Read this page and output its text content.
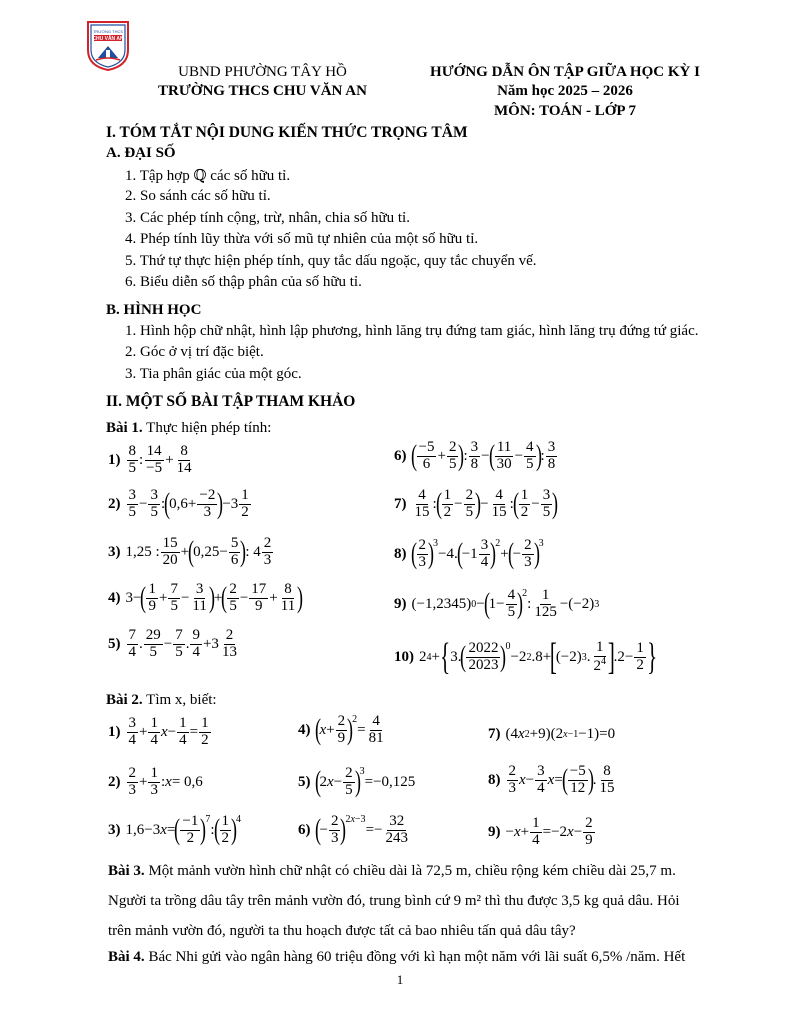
TRƯỜNG THCS
CHU VĂN AN
UBND PHƯỜNG TÂY HỒ
TRƯỜNG THCS CHU VĂN AN
HƯỚNG DẪN ÔN TẬP GIỮA HỌC KỲ I
Năm học 2025 – 2026
MÔN: TOÁN - LỚP 7
I. TÓM TẮT NỘI DUNG KIẾN THỨC TRỌNG TÂM
A. ĐẠI SỐ
1. Tập hợp ℚ các số hữu tỉ.
2. So sánh các số hữu tỉ.
3. Các phép tính cộng, trừ, nhân, chia số hữu tỉ.
4. Phép tính lũy thừa với số mũ tự nhiên của một số hữu tỉ.
5. Thứ tự thực hiện phép tính, quy tắc dấu ngoặc, quy tắc chuyển vế.
6. Biểu diễn số thập phân của số hữu tỉ.
B. HÌNH HỌC
1. Hình hộp chữ nhật, hình lập phương, hình lăng trụ đứng tam giác, hình lăng trụ đứng tứ giác.
2. Góc ở vị trí đặc biệt.
3. Tia phân giác của một góc.
II. MỘT SỐ BÀI TẬP THAM KHẢO
Bài 1. Thực hiện phép tính:
$1) \frac{8}{5}$ : $\frac{14}{-5} + \frac{8}{14}$
$2) \frac{3}{5} - \frac{3}{5}$ : ( $0,6+ \frac{-2}{3}$ ) $-3 \frac{1}{2}$
3) 1,25 : $\frac{15}{20}$ + ( $0,25- \frac{5}{6}$ ) : $4 \frac{2}{3}$
4) 3− ( $\frac{1}{9} + \frac{7}{5} - \frac{3}{11}$ ) + ( $\frac{2}{5} - \frac{17}{9} + \frac{8}{11}$ )
$5) \frac{7}{4}$ . $\frac{29}{5} - \frac{7}{5}$ . $\frac{9}{4} +3 \frac{2}{13}$
6) ( $\frac{-5}{6} + \frac{2}{5}$ ) : $\frac{3}{8}$ − ( $\frac{11}{30} - \frac{4}{5}$ ) : $\frac{3}{8}$
$7) \frac{4}{15}$ : ( $\frac{1}{2} - \frac{2}{5}$ ) − $\frac{4}{15}$ : ( $\frac{1}{2} - \frac{3}{5}$ )
8) ( $\frac{2}{3} )^3$
−4. ( $-1 \frac{3}{4} )^2$
+ ( − $\frac{2}{3} )^3$
9) (−1,2345) 0 − ( $1- \frac{4}{5} )^2$
: $\frac{1}{125} -(-2)$ 3
10) 2 4 + { 3. ( $\frac{2022}{2023} )^0$
−2 2 .8+
[
(−2) 3 . $\frac{1}{2^4}$ ]
$.2- \frac{1}{2}$ }
Bài 2. Tìm x, biết:
$1) \frac{3}{4} + \frac{1}{4}$ $x - \frac{1}{4} = \frac{1}{2}$	4) ( $x + \frac{2}{9} )^2$
= $\frac{4}{81}$	7) (4 x 2 +9)(2 x−1 −1)=0
$2) \frac{2}{3} + \frac{1}{3}$ : x = 0,6	5) ( 2 $x - \frac{2}{5} )^3$
=−0,125	$8) \frac{2}{3}$ $x - \frac{3}{4}$ x = ( $\frac{-5}{12}$ ) . $\frac{8}{15}$
3) 1,6−3 x = ( $\frac{-1}{2} )^7$
: ( $\frac{1}{2} )^4$
6) ( − $\frac{2}{3} )^{2x-3}$
=− $\frac{32}{243}$	$9) - x + \frac{1}{4} =-2$ $x - \frac{2}{9}$
Bài 3. Một mảnh vườn hình chữ nhật có chiều dài là 72,5 m, chiều rộng kém chiều dài 25,7 m. Người ta trồng dâu tây trên mảnh vườn đó, trung bình cứ 9 m² thì thu được 3,5 kg quả dâu. Hỏi trên mảnh vườn đó, người ta thu hoạch được tất cả bao nhiêu tấn quả dâu tây?
Bài 4. Bác Nhi gửi vào ngân hàng 60 triệu đồng với kì hạn một năm với lãi suất 6,5% /năm. Hết
1
